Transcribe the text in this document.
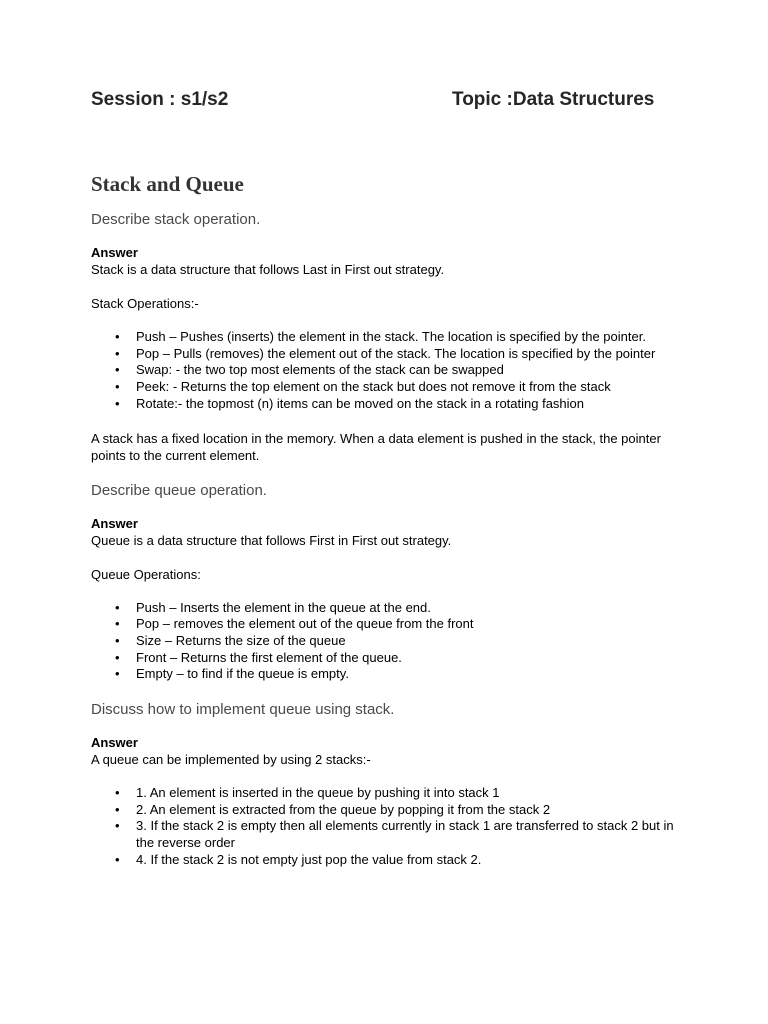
Session : s1/s2	Topic :Data Structures
Stack and Queue

Describe stack operation.

Answer

Stack is a data structure that follows Last in First out strategy.

Stack Operations:-

• Push – Pushes (inserts) the element in the stack. The location is specified by the pointer.
• Pop – Pulls (removes) the element out of the stack. The location is specified by the pointer
• Swap: - the two top most elements of the stack can be swapped
• Peek: - Returns the top element on the stack but does not remove it from the stack
• Rotate:- the topmost (n) items can be moved on the stack in a rotating fashion

A stack has a fixed location in the memory. When a data element is pushed in the stack, the pointer points to the current element.

Describe queue operation.

Answer

Queue is a data structure that follows First in First out strategy.

Queue Operations:

• Push – Inserts the element in the queue at the end.
• Pop – removes the element out of the queue from the front
• Size – Returns the size of the queue
• Front – Returns the first element of the queue.
• Empty – to find if the queue is empty.

Discuss how to implement queue using stack.

Answer

A queue can be implemented by using 2 stacks:-

• 1. An element is inserted in the queue by pushing it into stack 1
• 2. An element is extracted from the queue by popping it from the stack 2
• 3. If the stack 2 is empty then all elements currently in stack 1 are transferred to stack 2 but in the reverse order
• 4. If the stack 2 is not empty just pop the value from stack 2.
